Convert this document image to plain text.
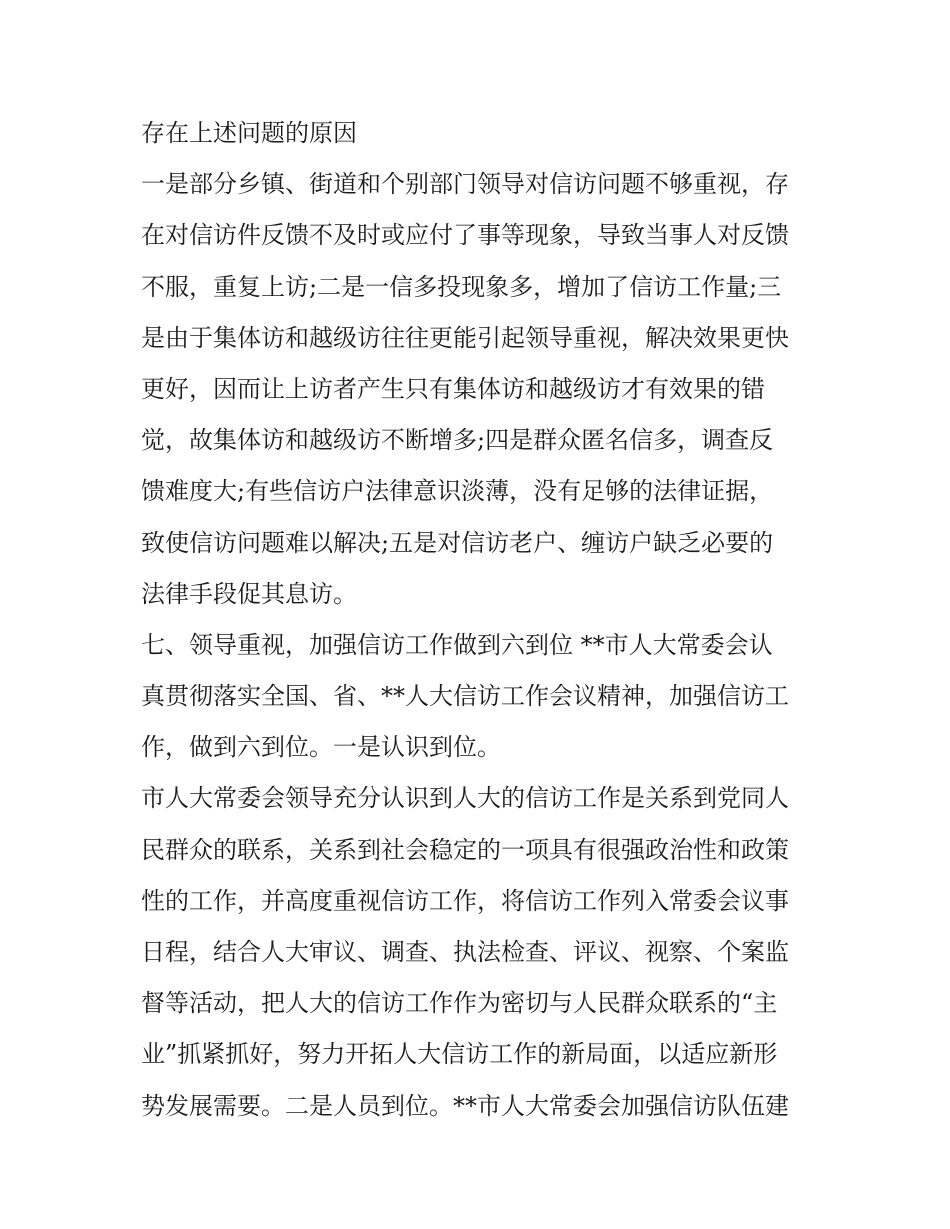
存在上述问题的原因
一是部分乡镇、街道和个别部门领导对信访问题不够重视，存
在对信访件反馈不及时或应付了事等现象，导致当事人对反馈
不服，重复上访;二是一信多投现象多，增加了信访工作量;三
是由于集体访和越级访往往更能引起领导重视，解决效果更快
更好，因而让上访者产生只有集体访和越级访才有效果的错
觉，故集体访和越级访不断增多;四是群众匿名信多，调查反
馈难度大;有些信访户法律意识淡薄，没有足够的法律证据，
致使信访问题难以解决;五是对信访老户、缠访户缺乏必要的
法律手段促其息访。
七、领导重视，加强信访工作做到六到位 **市人大常委会认
真贯彻落实全国、省、**人大信访工作会议精神，加强信访工
作，做到六到位。一是认识到位。
市人大常委会领导充分认识到人大的信访工作是关系到党同人
民群众的联系，关系到社会稳定的一项具有很强政治性和政策
性的工作，并高度重视信访工作，将信访工作列入常委会议事
日程，结合人大审议、调查、执法检查、评议、视察、个案监
督等活动，把人大的信访工作作为密切与人民群众联系的“主
业”抓紧抓好，努力开拓人大信访工作的新局面，以适应新形
势发展需要。二是人员到位。**市人大常委会加强信访队伍建
